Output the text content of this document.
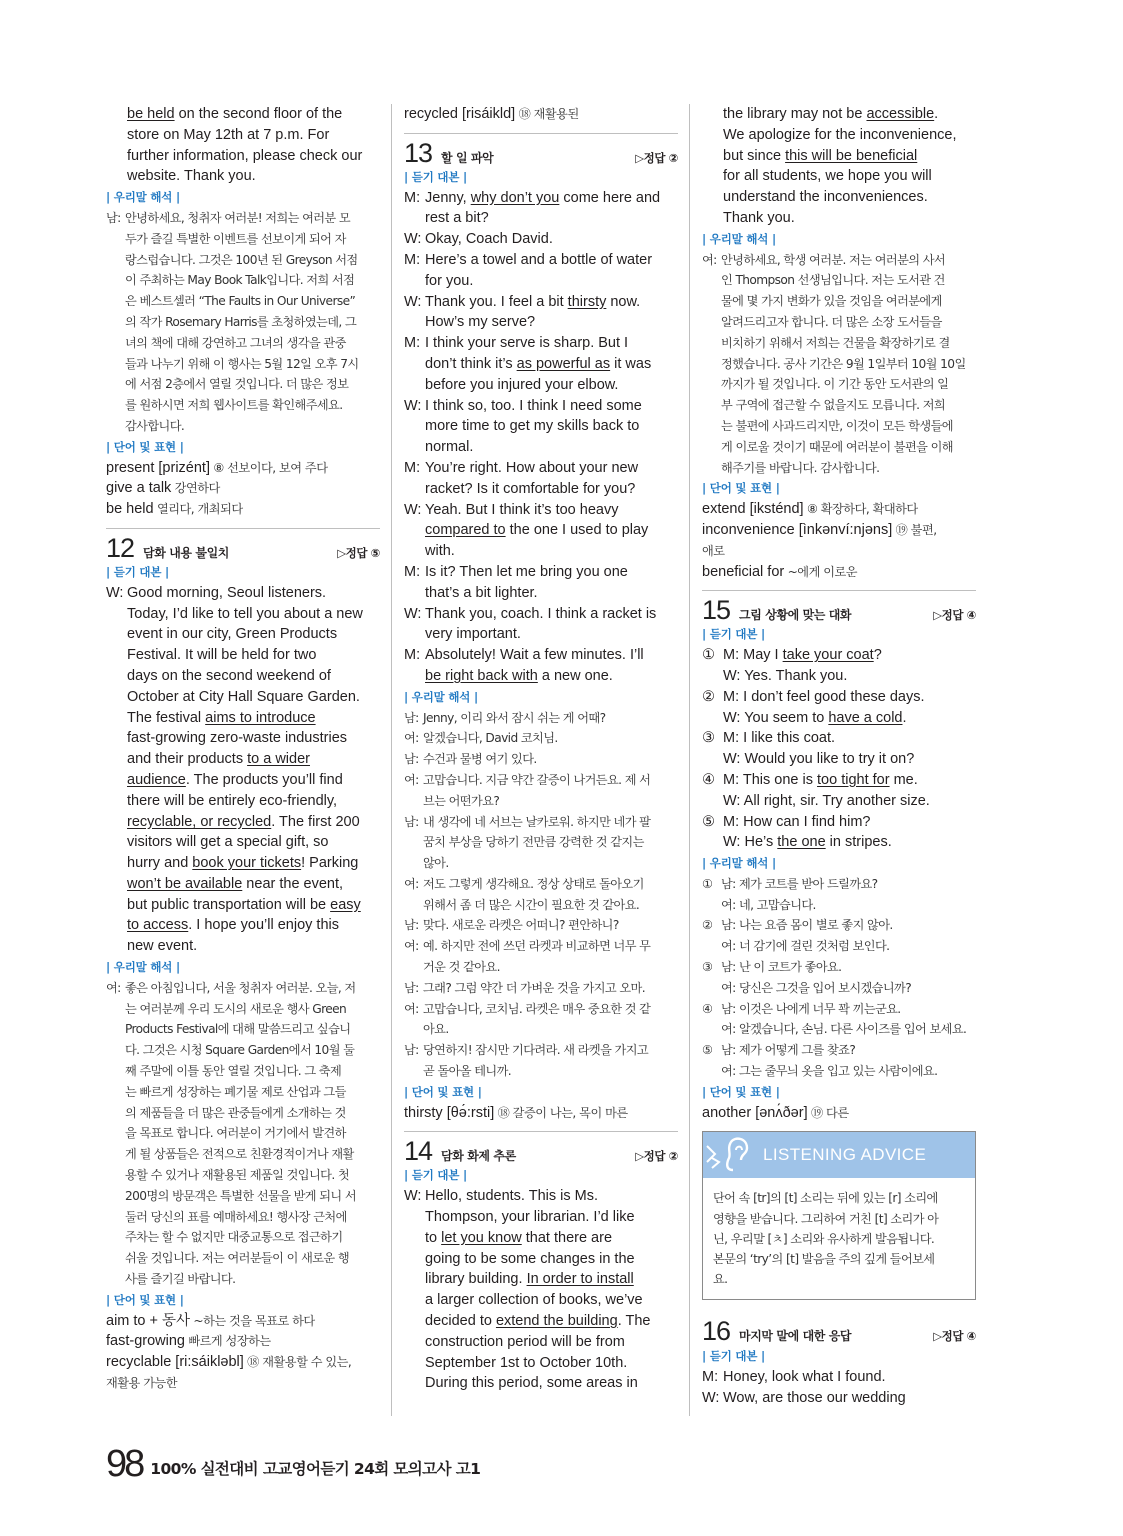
be held on the second floor of the
store on May 12th at 7 p.m. For
further information, please check our
website. Thank you.
| 우리말 해석 |
남: 안녕하세요, 청취자 여러분! 저희는 여러분 모
두가 즐길 특별한 이벤트를 선보이게 되어 자
랑스럽습니다. 그것은 100년 된 Greyson 서점
이 주최하는 May Book Talk입니다. 저희 서점
은 베스트셀러 “The Faults in Our Universe”
의 작가 Rosemary Harris를 초청하였는데, 그
녀의 책에 대해 강연하고 그녀의 생각을 관중
들과 나누기 위해 이 행사는 5월 12일 오후 7시
에 서점 2층에서 열릴 것입니다. 더 많은 정보
를 원하시면 저희 웹사이트를 확인해주세요.
감사합니다.
| 단어 및 표현 |
present [prizént] ⑧ 선보이다, 보여 주다
give a talk 강연하다
be held 열리다, 개최되다
12 담화 내용 불일치	▷정답 ⑤
| 듣기 대본 |
W: Good morning, Seoul listeners.
Today, I’d like to tell you about a new
event in our city, Green Products
Festival. It will be held for two
days on the second weekend of
October at City Hall Square Garden.
The festival aims to introduce
fast-growing zero-waste industries
and their products to a wider
audience. The products you’ll find
there will be entirely eco-friendly,
recyclable, or recycled. The first 200
visitors will get a special gift, so
hurry and book your tickets! Parking
won’t be available near the event,
but public transportation will be easy
to access. I hope you’ll enjoy this
new event.
| 우리말 해석 |
여: 좋은 아침입니다, 서울 청취자 여러분. 오늘, 저
는 여러분께 우리 도시의 새로운 행사 Green
Products Festival에 대해 말씀드리고 싶습니
다. 그것은 시청 Square Garden에서 10월 둘
째 주말에 이틀 동안 열릴 것입니다. 그 축제
는 빠르게 성장하는 폐기물 제로 산업과 그들
의 제품들을 더 많은 관중들에게 소개하는 것
을 목표로 합니다. 여러분이 거기에서 발견하
게 될 상품들은 전적으로 친환경적이거나 재활
용할 수 있거나 재활용된 제품일 것입니다. 첫
200명의 방문객은 특별한 선물을 받게 되니 서
둘러 당신의 표를 예매하세요! 행사장 근처에
주차는 할 수 없지만 대중교통으로 접근하기
쉬울 것입니다. 저는 여러분들이 이 새로운 행
사를 즐기길 바랍니다.
| 단어 및 표현 |
aim to + 동사 ~하는 것을 목표로 하다
fast-growing 빠르게 성장하는
recyclable [ri:sáikləbl] ⑱ 재활용할 수 있는,
재활용 가능한
recycled [risáikld] ⑱ 재활용된
13 할 일 파악	▷정답 ②
| 듣기 대본 |
M: Jenny, why don’t you come here and
rest a bit?
W: Okay, Coach David.
M: Here’s a towel and a bottle of water
for you.
W: Thank you. I feel a bit thirsty now.
How’s my serve?
M: I think your serve is sharp. But I
don’t think it’s as powerful as it was
before you injured your elbow.
W: I think so, too. I think I need some
more time to get my skills back to
normal.
M: You’re right. How about your new
racket? Is it comfortable for you?
W: Yeah. But I think it’s too heavy
compared to the one I used to play
with.
M: Is it? Then let me bring you one
that’s a bit lighter.
W: Thank you, coach. I think a racket is
very important.
M: Absolutely! Wait a few minutes. I’ll
be right back with a new one.
| 우리말 해석 |
남: Jenny, 이리 와서 잠시 쉬는 게 어때?
여: 알겠습니다, David 코치님.
남: 수건과 물병 여기 있다.
여: 고맙습니다. 지금 약간 갈증이 나거든요. 제 서
브는 어떤가요?
남: 내 생각에 네 서브는 날카로워. 하지만 네가 팔
꿈치 부상을 당하기 전만큼 강력한 것 같지는
않아.
여: 저도 그렇게 생각해요. 정상 상태로 돌아오기
위해서 좀 더 많은 시간이 필요한 것 같아요.
남: 맞다. 새로운 라켓은 어떠니? 편안하니?
여: 예. 하지만 전에 쓰던 라켓과 비교하면 너무 무
거운 것 같아요.
남: 그래? 그럼 약간 더 가벼운 것을 가지고 오마.
여: 고맙습니다, 코치님. 라켓은 매우 중요한 것 같
아요.
남: 당연하지! 잠시만 기다려라. 새 라켓을 가지고
곧 돌아올 테니까.
| 단어 및 표현 |
thirsty [θə́:rsti] ⑱ 갈증이 나는, 목이 마른
14 담화 화제 추론	▷정답 ②
| 듣기 대본 |
W: Hello, students. This is Ms.
Thompson, your librarian. I’d like
to let you know that there are
going to be some changes in the
library building. In order to install
a larger collection of books, we’ve
decided to extend the building. The
construction period will be from
September 1st to October 10th.
During this period, some areas in
the library may not be accessible.
We apologize for the inconvenience,
but since this will be beneficial
for all students, we hope you will
understand the inconveniences.
Thank you.
| 우리말 해석 |
여: 안녕하세요, 학생 여러분. 저는 여러분의 사서
인 Thompson 선생님입니다. 저는 도서관 건
물에 몇 가지 변화가 있을 것임을 여러분에게
알려드리고자 합니다. 더 많은 소장 도서들을
비치하기 위해서 저희는 건물을 확장하기로 결
정했습니다. 공사 기간은 9월 1일부터 10월 10일
까지가 될 것입니다. 이 기간 동안 도서관의 일
부 구역에 접근할 수 없을지도 모릅니다. 저희
는 불편에 사과드리지만, 이것이 모든 학생들에
게 이로울 것이기 때문에 여러분이 불편을 이해
해주기를 바랍니다. 감사합니다.
| 단어 및 표현 |
extend [iksténd] ⑧ 확장하다, 확대하다
inconvenience [ìnkənví:njəns] ⑲ 불편,
애로
beneficial for ~에게 이로운
15 그림 상황에 맞는 대화	▷정답 ④
| 듣기 대본 |
① M: May I take your coat?
W: Yes. Thank you.
② M: I don’t feel good these days.
W: You seem to have a cold.
③ M: I like this coat.
W: Would you like to try it on?
④ M: This one is too tight for me.
W: All right, sir. Try another size.
⑤ M: How can I find him?
W: He’s the one in stripes.
| 우리말 해석 |
① 남: 제가 코트를 받아 드릴까요?
여: 네, 고맙습니다.
② 남: 나는 요즘 몸이 별로 좋지 않아.
여: 너 감기에 걸린 것처럼 보인다.
③ 남: 난 이 코트가 좋아요.
여: 당신은 그것을 입어 보시겠습니까?
④ 남: 이것은 나에게 너무 꽉 끼는군요.
여: 알겠습니다, 손님. 다른 사이즈를 입어 보세요.
⑤ 남: 제가 어떻게 그를 찾죠?
여: 그는 줄무늬 옷을 입고 있는 사람이에요.
| 단어 및 표현 |
another [ənʌ́ðər] ⑲ 다른
LISTENING ADVICE
단어 속 [tr]의 [t] 소리는 뒤에 있는 [r] 소리에
영향을 받습니다. 그리하여 거친 [t] 소리가 아
닌, 우리말 [ㅊ] 소리와 유사하게 발음됩니다.
본문의 ‘try’의 [t] 발음을 주의 깊게 들어보세
요.
16 마지막 말에 대한 응답	▷정답 ④
| 듣기 대본 |
M: Honey, look what I found.
W: Wow, are those our wedding
98 100% 실전대비 고교영어듣기 24회 모의고사 고1
